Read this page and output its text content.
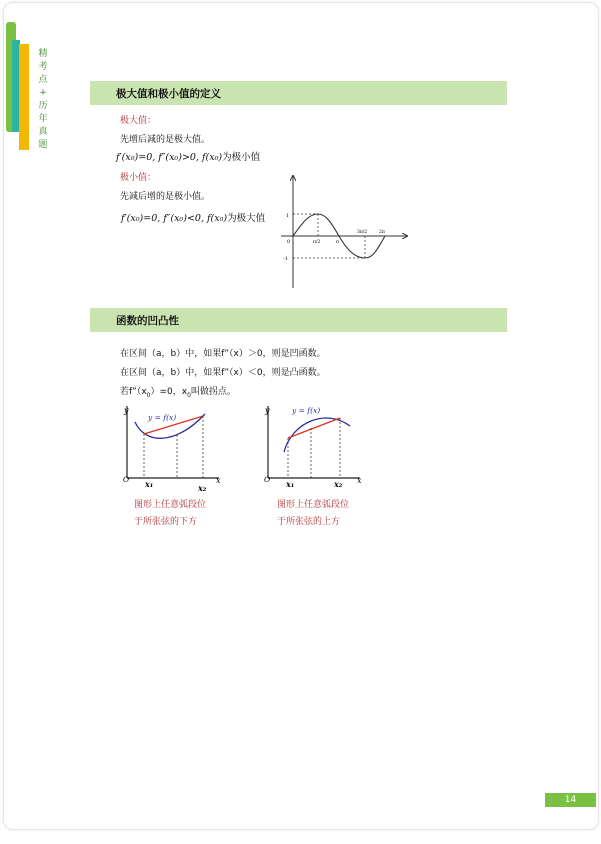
精
考
点
+
历
年
真
题
极大值和极小值的定义
极大值：
先增后减的是极大值。
f′(x₀)=0, f″(x₀)>0, f(x₀)为极小值
极小值：
先减后增的是极小值。
f′(x₀)=0, f″(x₀)<0, f(x₀)为极大值	1
-1
0	π/2	π
3π/2	2π
函数的凹凸性
在区间（a，b）中，如果f”（x）＞0，则是凹函数。
在区间（a，b）中，如果f”（x）＜0，则是凸函数。
若$f”(x_0)=0$，$x_0$叫做拐点。
y
y = f(x)
O x₁	x₂
x
图形上任意弧段位
于所张弦的下方
y	y = f(x)
O x₁	x₂ x
图形上任意弧段位
于所张弦的上方
14
